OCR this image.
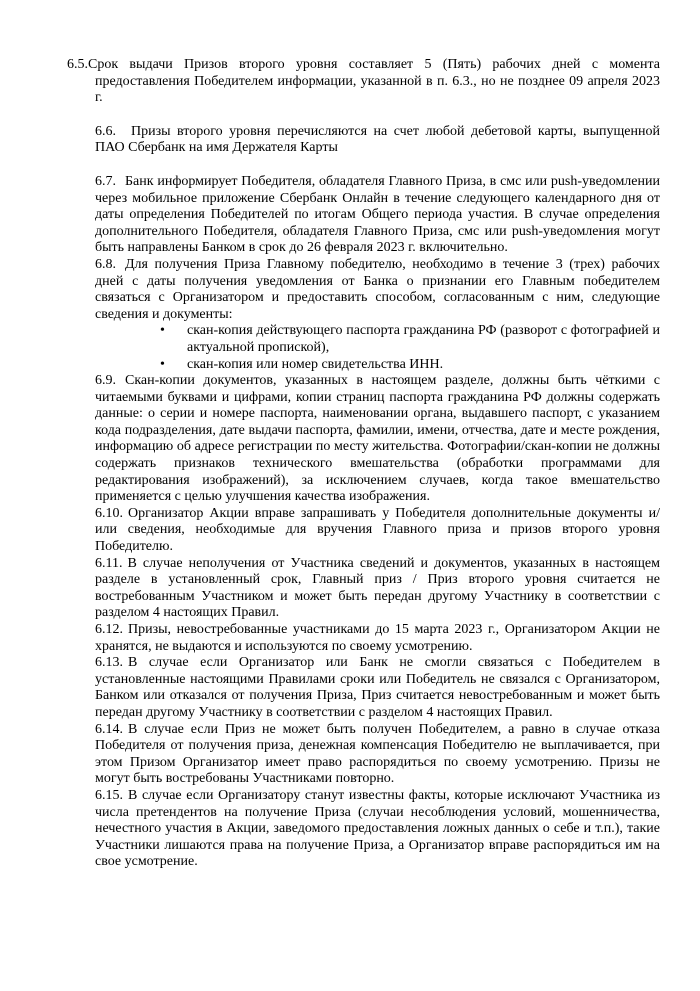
6.5.Срок выдачи Призов второго уровня составляет 5 (Пять) рабочих дней с момента предоставления Победителем информации, указанной в п. 6.3., но не позднее 09 апреля 2023 г.

6.6. Призы второго уровня перечисляются на счет любой дебетовой карты, выпущенной ПАО Сбербанк на имя Держателя Карты

6.7. Банк информирует Победителя, обладателя Главного Приза, в смс или push-уведомлении через мобильное приложение Сбербанк Онлайн в течение следующего календарного дня от даты определения Победителей по итогам Общего периода участия. В случае определения дополнительного Победителя, обладателя Главного Приза, смс или push-уведомления могут быть направлены Банком в срок до 26 февраля 2023 г. включительно.

6.8. Для получения Приза Главному победителю, необходимо в течение 3 (трех) рабочих дней с даты получения уведомления от Банка о признании его Главным победителем связаться с Организатором и предоставить способом, согласованным с ним, следующие сведения и документы:

• скан-копия действующего паспорта гражданина РФ (разворот с фотографией и актуальной пропиской),
• скан-копия или номер свидетельства ИНН.

6.9. Скан-копии документов, указанных в настоящем разделе, должны быть чёткими с читаемыми буквами и цифрами, копии страниц паспорта гражданина РФ должны содержать данные: о серии и номере паспорта, наименовании органа, выдавшего паспорт, с указанием кода подразделения, дате выдачи паспорта, фамилии, имени, отчества, дате и месте рождения, информацию об адресе регистрации по месту жительства. Фотографии/скан-копии не должны содержать признаков технического вмешательства (обработки программами для редактирования изображений), за исключением случаев, когда такое вмешательство применяется с целью улучшения качества изображения.

6.10. Организатор Акции вправе запрашивать у Победителя дополнительные документы и/или сведения, необходимые для вручения Главного приза и призов второго уровня Победителю.

6.11. В случае неполучения от Участника сведений и документов, указанных в настоящем разделе в установленный срок, Главный приз / Приз второго уровня считается не востребованным Участником и может быть передан другому Участнику в соответствии с разделом 4 настоящих Правил.

6.12. Призы, невостребованные участниками до 15 марта 2023 г., Организатором Акции не хранятся, не выдаются и используются по своему усмотрению.

6.13. В случае если Организатор или Банк не смогли связаться с Победителем в установленные настоящими Правилами сроки или Победитель не связался с Организатором, Банком или отказался от получения Приза, Приз считается невостребованным и может быть передан другому Участнику в соответствии с разделом 4 настоящих Правил.

6.14. В случае если Приз не может быть получен Победителем, а равно в случае отказа Победителя от получения приза, денежная компенсация Победителю не выплачивается, при этом Призом Организатор имеет право распорядиться по своему усмотрению. Призы не могут быть востребованы Участниками повторно.

6.15. В случае если Организатору станут известны факты, которые исключают Участника из числа претендентов на получение Приза (случаи несоблюдения условий, мошенничества, нечестного участия в Акции, заведомого предоставления ложных данных о себе и т.п.), такие Участники лишаются права на получение Приза, а Организатор вправе распорядиться им на свое усмотрение.
